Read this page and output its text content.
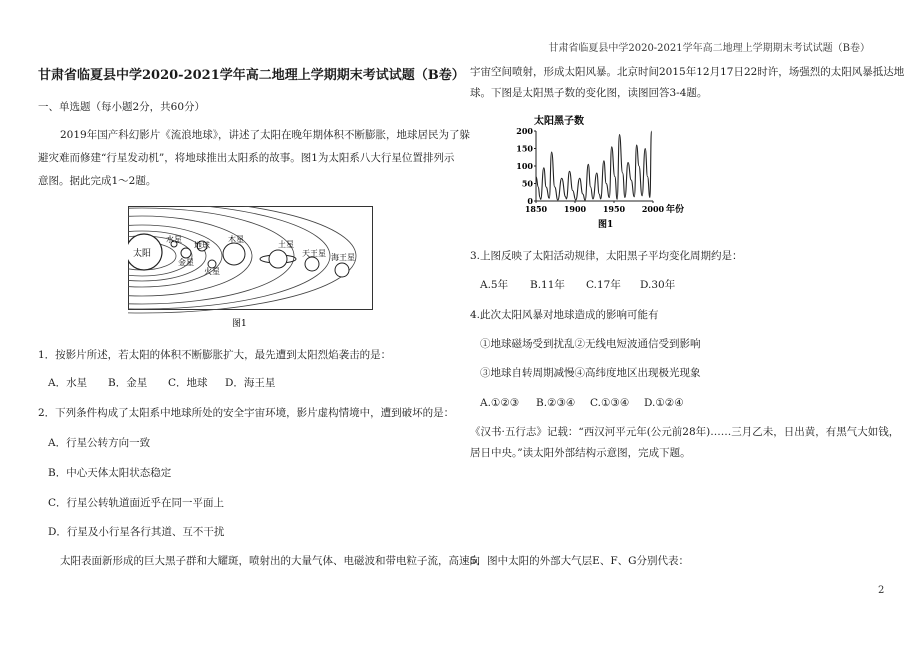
甘肃省临夏县中学2020-2021学年高二地理上学期期末考试试题（B卷）
甘肃省临夏县中学2020-2021学年高二地理上学期期末考试试题（B卷）
一、单选题（每小题2分，共60分）
2019年国产科幻影片《流浪地球》，讲述了太阳在晚年期体积不断膨胀，地球居民为了躲
避灾难而修建“行星发动机”，将地球推出太阳系的故事。图1为太阳系八大行星位置排列示
意图。据此完成1～2题。
太阳
水星
金星
地球
火星
木星
土星
天王星 海王星
图1
1．按影片所述，若太阳的体积不断膨胀扩大，最先遭到太阳烈焰袭击的是：
A．水星 B．金星 C．地球 D．海王星
2．下列条件构成了太阳系中地球所处的安全宇宙环境，影片虚构情境中，遭到破坏的是：
A．行星公转方向一致
B．中心天体太阳状态稳定
C．行星公转轨道面近乎在同一平面上
D．行星及小行星各行其道、互不干扰
太阳表面新形成的巨大黑子群和大耀斑，喷射出的大量气体、电磁波和带电粒子流，高速向
宇宙空间喷射，形成太阳风暴。北京时间2015年12月17日22时许，场强烈的太阳风暴抵达地
球。下图是太阳黑子数的变化图，读图回答3-4题。
太阳黑子数
0
50
100
150
200
1850 1900 1950 2000 年份
图1
3.上图反映了太阳活动规律，太阳黑子平均变化周期约是：
A.5年 B.11年 C.17年 D.30年
4.此次太阳风暴对地球造成的影响可能有
①地球磁场受到扰乱②无线电短波通信受到影响
③地球自转周期减慢④高纬度地区出现极光现象
A.①②③ B.②③④ C.①③④ D.①②④
《汉书·五行志》记载：“西汉河平元年(公元前28年)……三月乙未，日出黄，有黑气大如钱，
居日中央。”读太阳外部结构示意图，完成下题。
5．图中太阳的外部大气层E、F、G分别代表：
2
